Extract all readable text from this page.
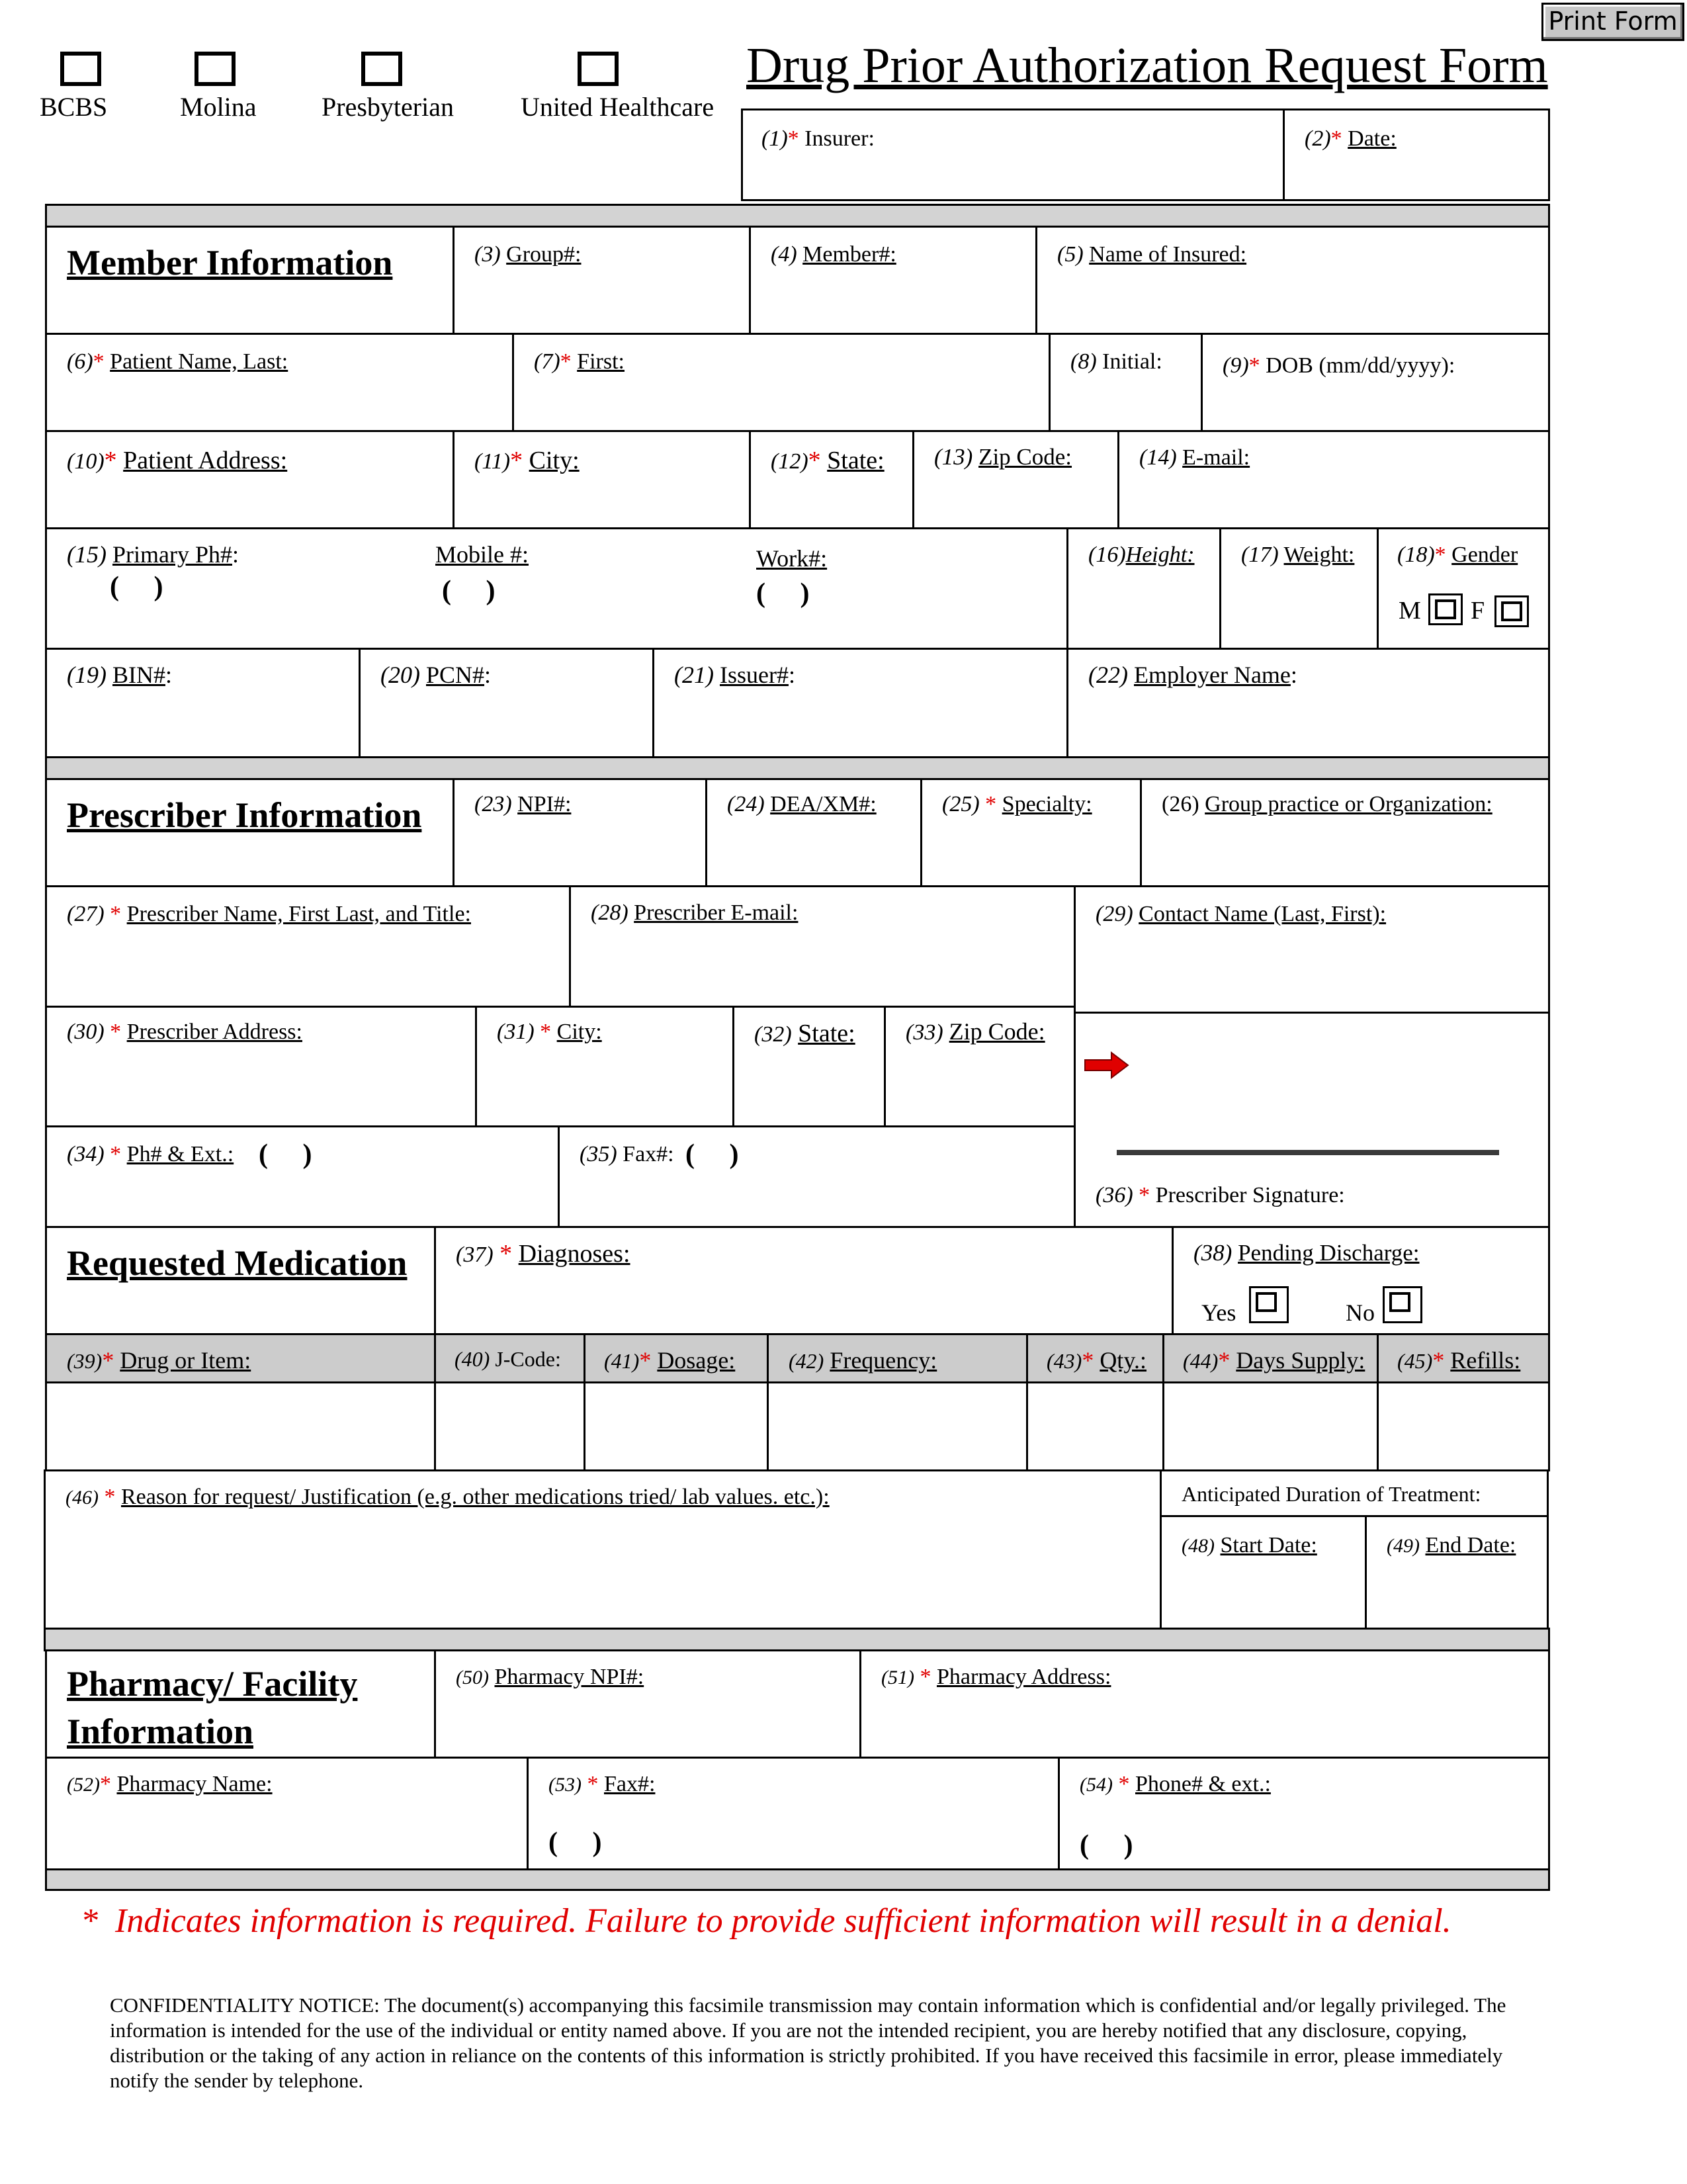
Print Form
Drug Prior Authorization Request Form
BCBS	Molina Presbyterian	United Healthcare
(1)* Insurer:	(2)* Date:
Member Information	(3) Group#:	(4) Member#:	(5) Name of Insured:
(6)* Patient Name, Last:	(7)* First:	(8) Initial:	(9)* DOB (mm/dd/yyyy):
(10)* Patient Address:	(11)* City:	(12)* State: (13) Zip Code:	(14) E-mail:
(15) Primary Ph#:
(     )
Mobile #:
(     )
Work#:
(     )
(16)Height: (17) Weight: (18)* Gender
M F
(19) BIN#:	(20) PCN#:	(21) Issuer#:	(22) Employer Name:
Prescriber Information (23) NPI#:	(24) DEA/XM#:	(25) * Specialty:	(26) Group practice or Organization:
(27) * Prescriber Name, First Last, and Title:	(28) Prescriber E-mail:	(29) Contact Name (Last, First):
(30) * Prescriber Address:	(31) * City:	(32) State: (33) Zip Code:
(36) * Prescriber Signature:
(34) * Ph# & Ext.: (     )	(35) Fax#: (     )
Requested Medication (37) * Diagnoses:	(38) Pending Discharge:
Yes	No
(39)* Drug or Item:	(40) J-Code: (41)* Dosage:	(42) Frequency:	(43)* Qty.: (44)* Days Supply: (45)* Refills:
(46) * Reason for request/ Justification (e.g. other medications tried/ lab values. etc.):	Anticipated Duration of Treatment:
(48) Start Date:	(49) End Date:
Pharmacy/ Facility
Information
(50) Pharmacy NPI#:	(51) * Pharmacy Address:
(52)* Pharmacy Name:	(53) * Fax#:
(     )
(54) * Phone# & ext.:
(     )
* Indicates information is required. Failure to provide sufficient information will result in a denial.
CONFIDENTIALITY NOTICE: The document(s) accompanying this facsimile transmission may contain information which is confidential and/or legally privileged. The information is intended for the use of the individual or entity named above. If you are not the intended recipient, you are hereby notified that any disclosure, copying, distribution or the taking of any action in reliance on the contents of this information is strictly prohibited. If you have received this facsimile in error, please immediately notify the sender by telephone.
